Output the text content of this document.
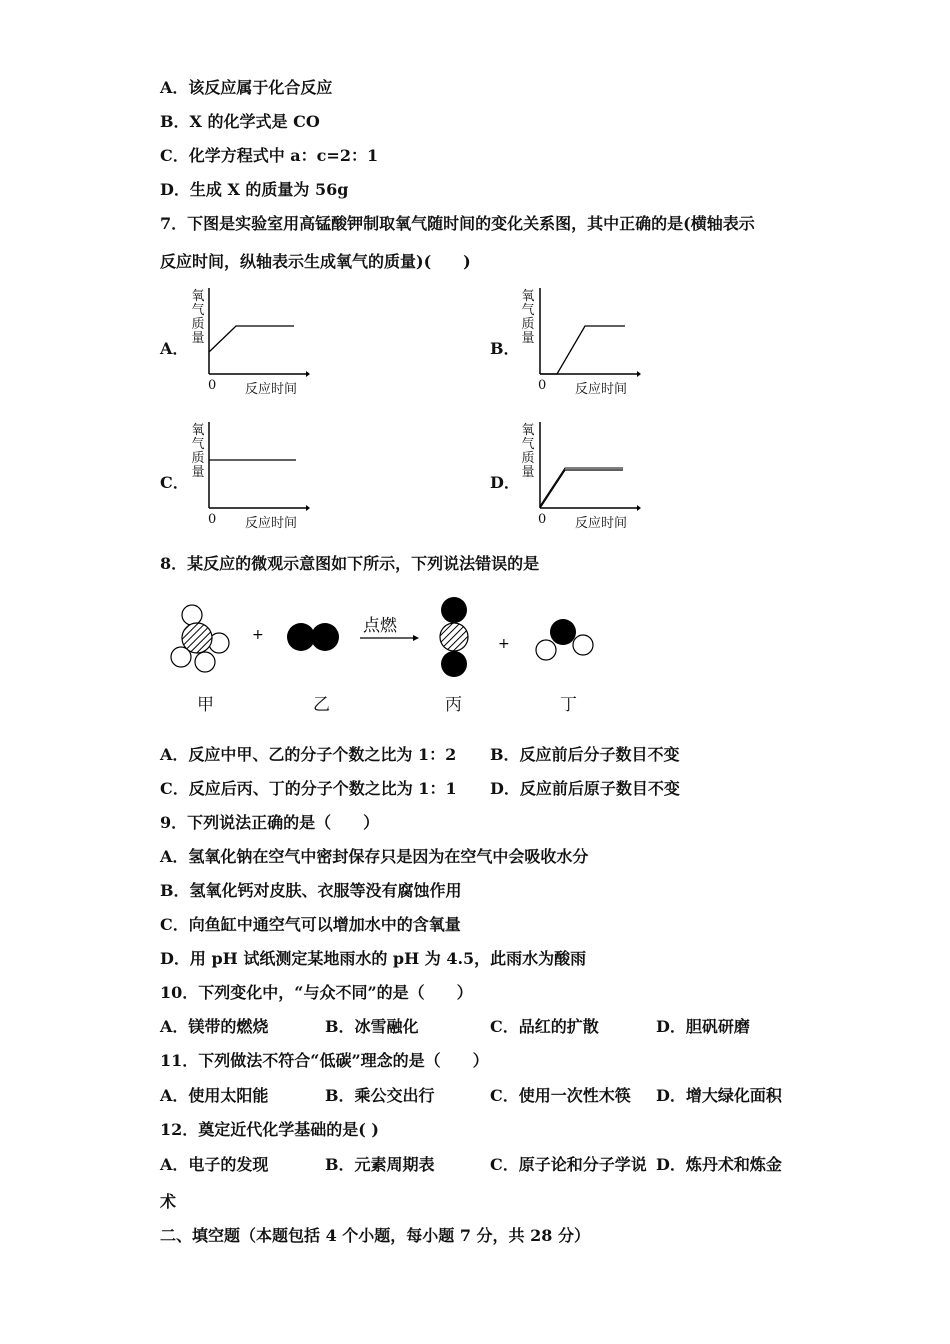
A．该反应属于化合反应
B．X 的化学式是 CO
C．化学方程式中 a：c=2：1
D．生成 X 的质量为 56g
7．下图是实验室用高锰酸钾制取氧气随时间的变化关系图，其中正确的是(横轴表示
反应时间，纵轴表示生成氧气的质量)(　　)
A．
氧气质量
0 反应时间
B．
氧气质量
0 反应时间
C．
氧气质量
0 反应时间
D．
氧气质量
0 反应时间
8．某反应的微观示意图如下所示，下列说法错误的是
+	点燃
+
甲	乙	丙	丁
A．反应中甲、乙的分子个数之比为 1：2 B．反应前后分子数目不变
C．反应后丙、丁的分子个数之比为 1：1 D．反应前后原子数目不变
9．下列说法正确的是（　　）
A．氢氧化钠在空气中密封保存只是因为在空气中会吸收水分
B．氢氧化钙对皮肤、衣服等没有腐蚀作用
C．向鱼缸中通空气可以增加水中的含氧量
D．用 pH 试纸测定某地雨水的 pH 为 4.5，此雨水为酸雨
10．下列变化中，“与众不同”的是（　　）
A．镁带的燃烧	B．冰雪融化	C．品红的扩散	D．胆矾研磨
11．下列做法不符合“低碳”理念的是（　　）
A．使用太阳能	B．乘公交出行	C．使用一次性木筷 D．增大绿化面积
12．奠定近代化学基础的是( )
A．电子的发现	B．元素周期表	C．原子论和分子学说 D．炼丹术和炼金
术
二、填空题（本题包括 4 个小题，每小题 7 分，共 28 分）
